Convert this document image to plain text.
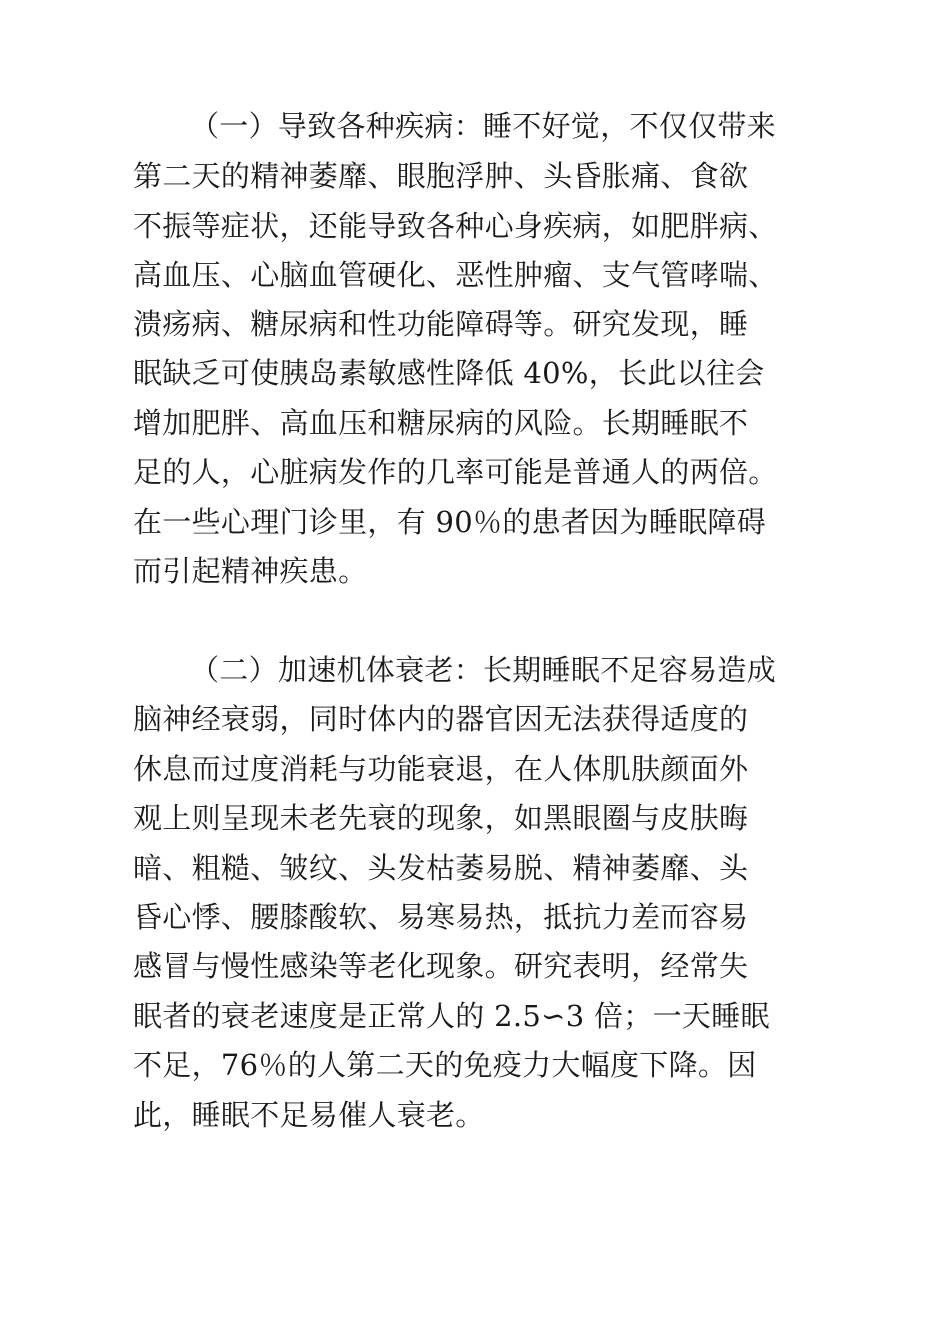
（一）导致各种疾病：睡不好觉，不仅仅带来
第二天的精神萎靡、眼胞浮肿、头昏胀痛、食欲
不振等症状，还能导致各种心身疾病，如肥胖病、
高血压、心脑血管硬化、恶性肿瘤、支气管哮喘、
溃疡病、糖尿病和性功能障碍等。研究发现，睡
眠缺乏可使胰岛素敏感性降低 40%，长此以往会
增加肥胖、高血压和糖尿病的风险。长期睡眠不
足的人，心脏病发作的几率可能是普通人的两倍。
在一些心理门诊里，有 90％的患者因为睡眠障碍
而引起精神疾患。
（二）加速机体衰老：长期睡眠不足容易造成
脑神经衰弱，同时体内的器官因无法获得适度的
休息而过度消耗与功能衰退，在人体肌肤颜面外
观上则呈现未老先衰的现象，如黑眼圈与皮肤晦
暗、粗糙、皱纹、头发枯萎易脱、精神萎靡、头
昏心悸、腰膝酸软、易寒易热，抵抗力差而容易
感冒与慢性感染等老化现象。研究表明，经常失
眠者的衰老速度是正常人的 2.5∽3 倍；一天睡眠
不足，76％的人第二天的免疫力大幅度下降。因
此，睡眠不足易催人衰老。
